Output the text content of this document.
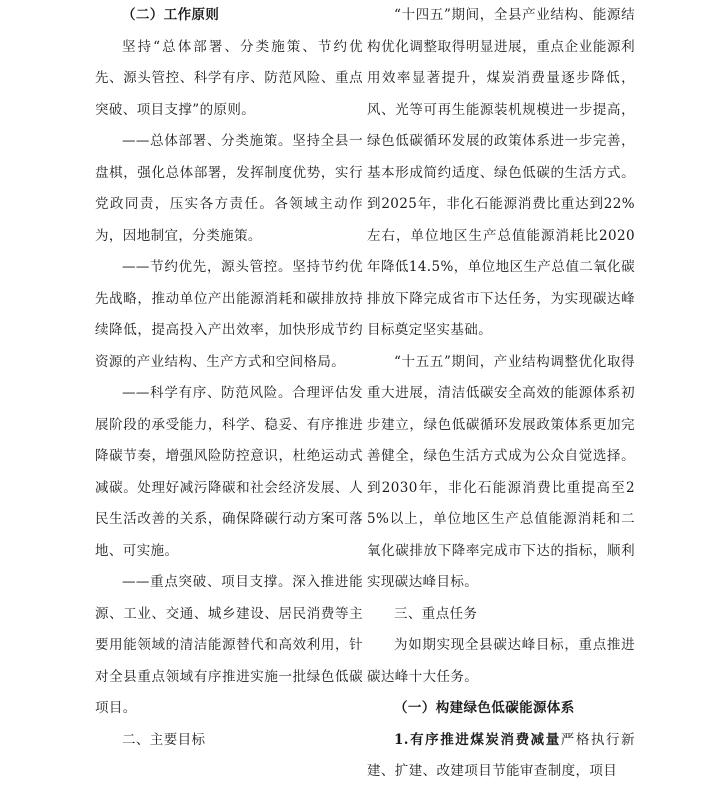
（二）工作原则

坚持“总体部署、分类施策、节约优先、源头管控、科学有序、防范风险、重点突破、项目支撑”的原则。

——总体部署、分类施策。坚持全县一盘棋，强化总体部署，发挥制度优势，实行党政同责，压实各方责任。各领域主动作为，因地制宜，分类施策。

——节约优先，源头管控。坚持节约优先战略，推动单位产出能源消耗和碳排放持续降低，提高投入产出效率，加快形成节约资源的产业结构、生产方式和空间格局。

——科学有序、防范风险。合理评估发展阶段的承受能力，科学、稳妥、有序推进降碳节奏，增强风险防控意识，杜绝运动式减碳。处理好减污降碳和社会经济发展、人民生活改善的关系，确保降碳行动方案可落地、可实施。

——重点突破、项目支撑。深入推进能源、工业、交通、城乡建设、居民消费等主要用能领域的清洁能源替代和高效利用，针对全县重点领域有序推进实施一批绿色低碳项目。

二、主要目标

“十四五”期间，全县产业结构、能源结构优化调整取得明显进展，重点企业能源利用效率显著提升，煤炭消费量逐步降低，风、光等可再生能源装机规模进一步提高，绿色低碳循环发展的政策体系进一步完善，基本形成简约适度、绿色低碳的生活方式。到2025年，非化石能源消费比重达到22%左右，单位地区生产总值能源消耗比2020年降低14.5%，单位地区生产总值二氧化碳排放下降完成省市下达任务，为实现碳达峰目标奠定坚实基础。

“十五五”期间，产业结构调整优化取得重大进展，清洁低碳安全高效的能源体系初步建立，绿色低碳循环发展政策体系更加完善健全，绿色生活方式成为公众自觉选择。到2030年，非化石能源消费比重提高至25%以上，单位地区生产总值能源消耗和二氧化碳排放下降率完成市下达的指标，顺利实现碳达峰目标。

三、重点任务

为如期实现全县碳达峰目标，重点推进碳达峰十大任务。

（一）构建绿色低碳能源体系

1.有序推进煤炭消费减量严格执行新建、扩建、改建项目节能审查制度，项目
